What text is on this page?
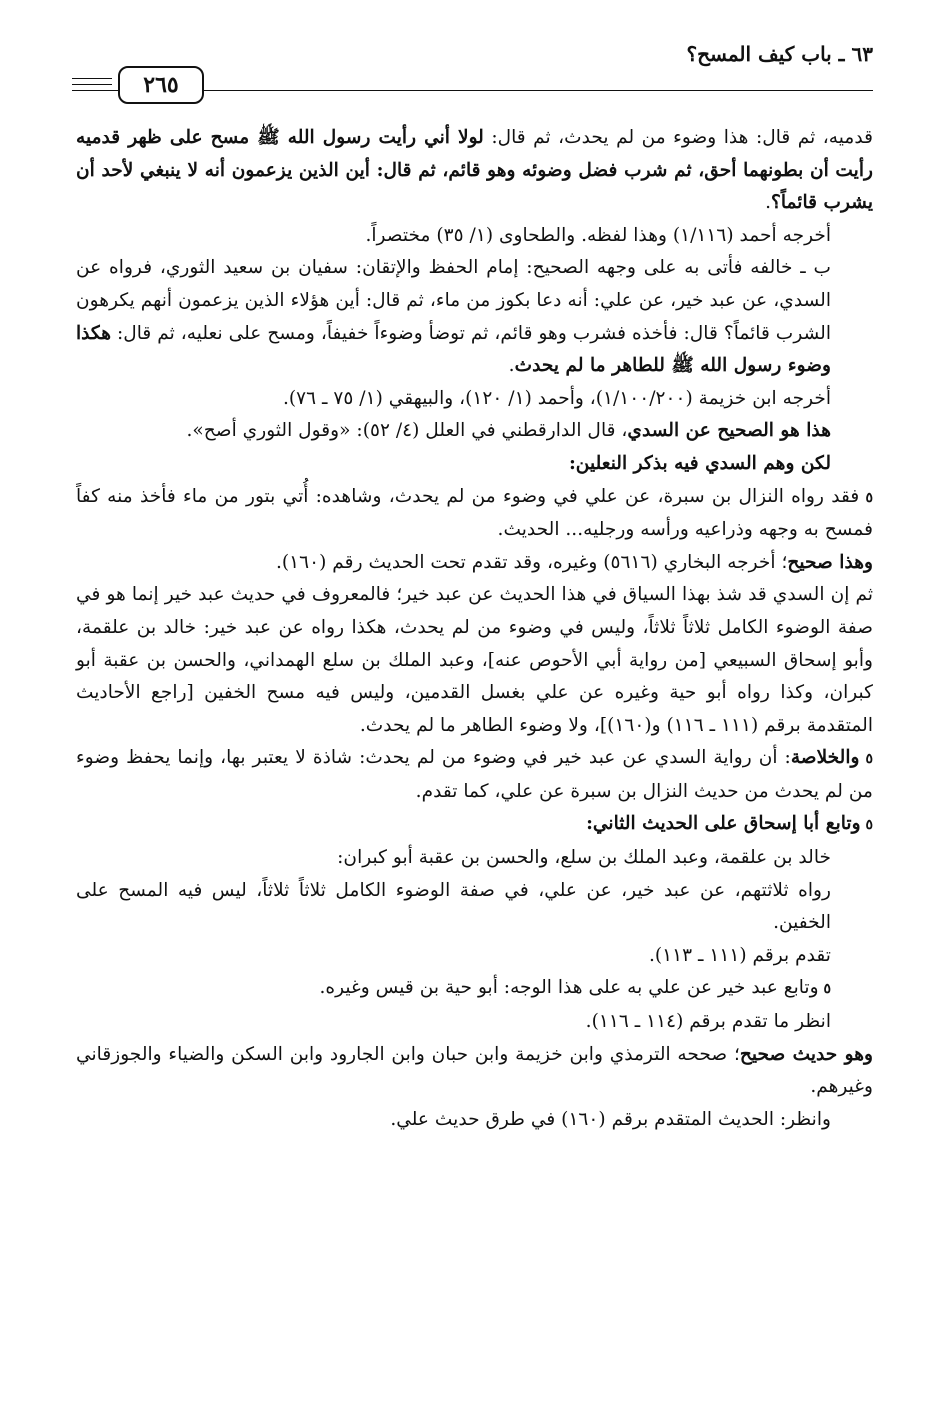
٦٣ ـ باب كيف المسح؟
٢٦٥

قدميه، ثم قال: هذا وضوء من لم يحدث، ثم قال: لولا أني رأيت رسول الله ﷺ مسح على ظهر قدميه رأيت أن بطونهما أحق، ثم شرب فضل وضوئه وهو قائم، ثم قال: أين الذين يزعمون أنه لا ينبغي لأحد أن يشرب قائماً؟.

أخرجه أحمد (١/١١٦) وهذا لفظه. والطحاوى (١/ ٣٥) مختصراً.

ب ـ خالفه فأتى به على وجهه الصحيح: إمام الحفظ والإتقان: سفيان بن سعيد الثوري، فرواه عن السدي، عن عبد خير، عن علي: أنه دعا بكوز من ماء، ثم قال: أين هؤلاء الذين يزعمون أنهم يكرهون الشرب قائماً؟ قال: فأخذه فشرب وهو قائم، ثم توضأ وضوءاً خفيفاً، ومسح على نعليه، ثم قال: هكذا وضوء رسول الله ﷺ للطاهر ما لم يحدث.

أخرجه ابن خزيمة (١/١٠٠/٢٠٠)، وأحمد (١/ ١٢٠)، والبيهقي (١/ ٧٥ ـ ٧٦).

هذا هو الصحيح عن السدي، قال الدارقطني في العلل (٤/ ٥٢): «وقول الثوري أصح».

لكن وهم السدي فيه بذكر النعلين:

٥ فقد رواه النزال بن سبرة، عن علي في وضوء من لم يحدث، وشاهده: أُتي بتور من ماء فأخذ منه كفاً فمسح به وجهه وذراعيه ورأسه ورجليه... الحديث.

وهذا صحيح؛ أخرجه البخاري (٥٦١٦) وغيره، وقد تقدم تحت الحديث رقم (١٦٠).

ثم إن السدي قد شذ بهذا السياق في هذا الحديث عن عبد خير؛ فالمعروف في حديث عبد خير إنما هو في صفة الوضوء الكامل ثلاثاً ثلاثاً، وليس في وضوء من لم يحدث، هكذا رواه عن عبد خير: خالد بن علقمة، وأبو إسحاق السبيعي [من رواية أبي الأحوص عنه]، وعبد الملك بن سلع الهمداني، والحسن بن عقبة أبو كبران، وكذا رواه أبو حية وغيره عن علي بغسل القدمين، وليس فيه مسح الخفين [راجع الأحاديث المتقدمة برقم (١١١ ـ ١١٦) و(١٦٠)]، ولا وضوء الطاهر ما لم يحدث.

٥ والخلاصة: أن رواية السدي عن عبد خير في وضوء من لم يحدث: شاذة لا يعتبر بها، وإنما يحفظ وضوء من لم يحدث من حديث النزال بن سبرة عن علي، كما تقدم.

٥ وتابع أبا إسحاق على الحديث الثاني:

خالد بن علقمة، وعبد الملك بن سلع، والحسن بن عقبة أبو كبران:

رواه ثلاثتهم، عن عبد خير، عن علي، في صفة الوضوء الكامل ثلاثاً ثلاثاً، ليس فيه المسح على الخفين.

تقدم برقم (١١١ ـ ١١٣).

٥ وتابع عبد خير عن علي به على هذا الوجه: أبو حية بن قيس وغيره.

انظر ما تقدم برقم (١١٤ ـ ١١٦).

وهو حديث صحيح؛ صححه الترمذي وابن خزيمة وابن حبان وابن الجارود وابن السكن والضياء والجوزقاني وغيرهم.

وانظر: الحديث المتقدم برقم (١٦٠) في طرق حديث علي.
